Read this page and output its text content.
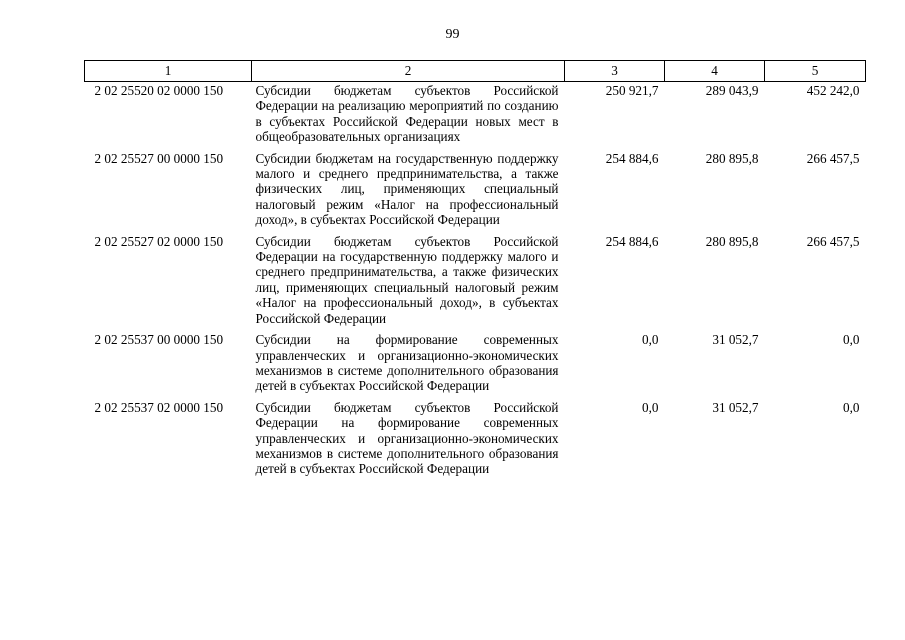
99
1	2	3	4	5
2 02 25520 02 0000 150	Субсидии бюджетам субъектов Российской Федерации на реализацию мероприятий по созданию в субъектах Российской Федерации новых мест в общеобразовательных организациях	250 921,7	289 043,9	452 242,0
2 02 25527 00 0000 150	Субсидии бюджетам на государственную поддержку малого и среднего предпринимательства, а также физических лиц, применяющих специальный налоговый режим «Налог на профессиональный доход», в субъектах Российской Федерации	254 884,6	280 895,8	266 457,5
2 02 25527 02 0000 150	Субсидии бюджетам субъектов Российской Федерации на государственную поддержку малого и среднего предпринимательства, а также физических лиц, применяющих специальный налоговый режим «Налог на профессиональный доход», в субъектах Российской Федерации	254 884,6	280 895,8	266 457,5
2 02 25537 00 0000 150	Субсидии на формирование современных управленческих и организационно-экономических механизмов в системе дополнительного образования детей в субъектах Российской Федерации	0,0	31 052,7	0,0
2 02 25537 02 0000 150	Субсидии бюджетам субъектов Российской Федерации на формирование современных управленческих и организационно-экономических механизмов в системе дополнительного образования детей в субъектах Российской Федерации	0,0	31 052,7	0,0
